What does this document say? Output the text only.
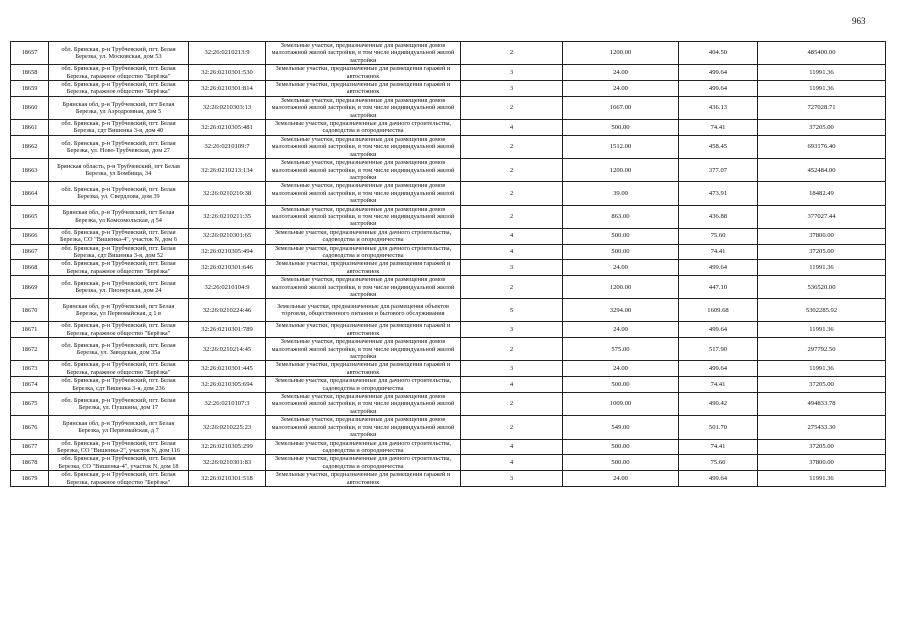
963
18657	обл. Брянская, р-н Трубчевский, пгт. Белая Березка, ул. Московская, дом 53	32:26:0210213:9	Земельные участки, предназначенные для размещения домов малоэтажной жилой застройки, в том числе индивидуальной жилой застройки	2	1200.00	404.50	485400.00
18658	обл. Брянская, р-н Трубчевский, пгт. Белая Березка, гаражное общество "Берёзка"	32:26:0210301:530	Земельные участки, предназначенные для размещения гаражей и автостоянок	3	24.00	499.64	11991.36
18659	обл. Брянская, р-н Трубчевский, пгт. Белая Березка, гаражное общество "Берёзка"	32:26:0210301:814	Земельные участки, предназначенные для размещения гаражей и автостоянок	3	24.00	499.64	11991.36
18660	Брянская обл, р-н Трубчевский, пгт Белая Березка, ул Аэродромная, дом 5	32:26:0210303:13	Земельные участки, предназначенные для размещения домов малоэтажной жилой застройки, в том числе индивидуальной жилой застройки	2	1667.00	436.13	727028.71
18661	обл. Брянская, р-н Трубчевский, пгт. Белая Березка, сдт Вишенка 3-я, дом 40	32:26:0210305:481	Земельные участки, предназначенные для дачного строительства, садоводства и огородничества	4	500.00	74.41	37205.00
18662	обл. Брянская, р-н Трубчевский, пгт. Белая Березка, ул. Ново-Трубчевская, дом 27	32:26:0210109:7	Земельные участки, предназначенные для размещения домов малоэтажной жилой застройки, в том числе индивидуальной жилой застройки	2	1512.00	458.45	693176.40
18663	Брянская область, р-н Трубчевский, пгт Белая Березка, ул Бомбища, 34	32:26:0210213:134	Земельные участки, предназначенные для размещения домов малоэтажной жилой застройки, в том числе индивидуальной жилой застройки	2	1200.00	377.07	452484.00
18664	обл. Брянская, р-н Трубчевский, пгт. Белая Березка, ул. Свердлова, дом 39	32:26:0210210:38	Земельные участки, предназначенные для размещения домов малоэтажной жилой застройки, в том числе индивидуальной жилой застройки	2	39.00	473.91	18482.49
18665	Брянская обл, р-н Трубчевский, пгт Белая Березка, ул Комсомольская, д 54	32:26:0210211:35	Земельные участки, предназначенные для размещения домов малоэтажной жилой застройки, в том числе индивидуальной жилой застройки	2	863.00	436.88	377027.44
18666	обл. Брянская, р-н Трубчевский, пгт. Белая Березка, СО "Вишенка-4", участок N, дом 6	32:26:0210301:65	Земельные участки, предназначенные для дачного строительства, садоводства и огородничества	4	500.00	75.60	37800.00
18667	обл. Брянская, р-н Трубчевский, пгт. Белая Березка, сдт Вишенка 3-я, дом 52	32:26:0210305:494	Земельные участки, предназначенные для дачного строительства, садоводства и огородничества	4	500.00	74.41	37205.00
18668	обл. Брянская, р-н Трубчевский, пгт. Белая Березка, гаражное общество "Берёзка"	32:26:0210301:646	Земельные участки, предназначенные для размещения гаражей и автостоянок	3	24.00	499.64	11991.36
18669	обл. Брянская, р-н Трубчевский, пгт. Белая Березка, ул. Пионерская, дом 24	32:26:0210104:9	Земельные участки, предназначенные для размещения домов малоэтажной жилой застройки, в том числе индивидуальной жилой застройки	2	1200.00	447.10	536520.00
18670	Брянская обл, р-н Трубчевский, пгт Белая Березка, ул Первомайская, д 1 в	32:26:0210224:46	Земельные участки, предназначенные для размещения объектов торговли, общественного питания и бытового обслуживания	5	3294.00	1609.68	5302285.92
18671	обл. Брянская, р-н Трубчевский, пгт. Белая Березка, гаражное общество "Берёзка"	32:26:0210301:789	Земельные участки, предназначенные для размещения гаражей и автостоянок	3	24.00	499.64	11991.36
18672	обл. Брянская, р-н Трубчевский, пгт. Белая Березка, ул. Заводская, дом 35а	32:26:0210214:45	Земельные участки, предназначенные для размещения домов малоэтажной жилой застройки, в том числе индивидуальной жилой застройки	2	575.00	517.90	297792.50
18673	обл. Брянская, р-н Трубчевский, пгт. Белая Березка, гаражное общество "Берёзка"	32:26:0210301:445	Земельные участки, предназначенные для размещения гаражей и автостоянок	3	24.00	499.64	11991.36
18674	обл. Брянская, р-н Трубчевский, пгт. Белая Березка, сдт Вишенка 3-я, дом 236	32:26:0210305:694	Земельные участки, предназначенные для дачного строительства, садоводства и огородничества	4	500.00	74.41	37205.00
18675	обл. Брянская, р-н Трубчевский, пгт. Белая Березка, ул. Пушкина, дом 17	32:26:0210107:3	Земельные участки, предназначенные для размещения домов малоэтажной жилой застройки, в том числе индивидуальной жилой застройки	2	1009.00	490.42	494833.78
18676	Брянская обл, р-н Трубчевский, пгт Белая Березка, ул Первомайская, д 7	32:26:0210225:23	Земельные участки, предназначенные для размещения домов малоэтажной жилой застройки, в том числе индивидуальной жилой застройки	2	549.00	501.70	275433.30
18677	обл. Брянская, р-н Трубчевский, пгт. Белая Березка, СО "Вишенка-2", участок N, дом 116	32:26:0210305:299	Земельные участки, предназначенные для дачного строительства, садоводства и огородничества	4	500.00	74.41	37205.00
18678	обл. Брянская, р-н Трубчевский, пгт. Белая Березка, СО "Вишенка-4", участок N, дом 18	32:26:0210301:83	Земельные участки, предназначенные для дачного строительства, садоводства и огородничества	4	500.00	75.60	37800.00
18679	обл. Брянская, р-н Трубчевский, пгт. Белая Березка, гаражное общество "Берёзка"	32:26:0210301:518	Земельные участки, предназначенные для размещения гаражей и автостоянок	3	24.00	499.64	11991.36
